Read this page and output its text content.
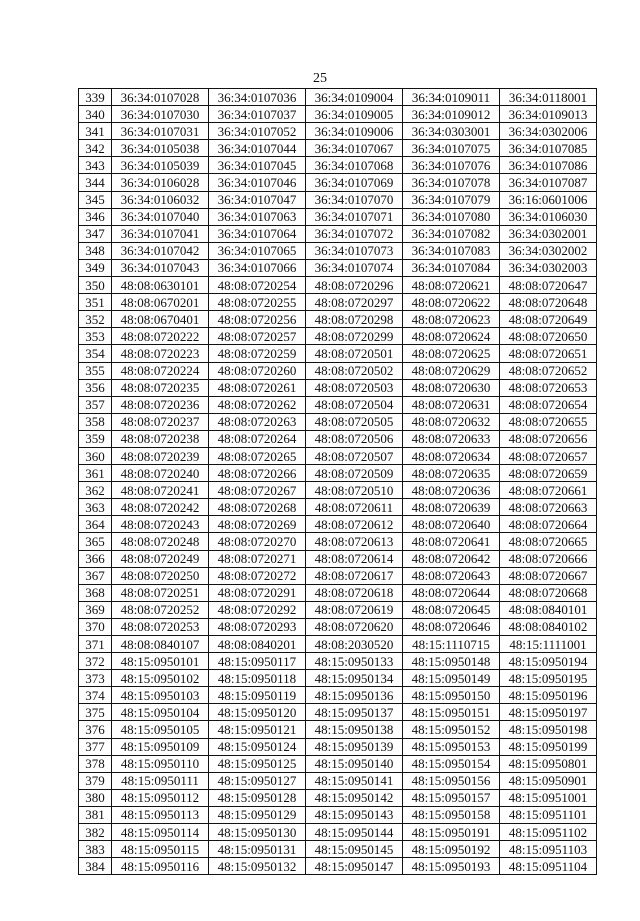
25
339	36:34:0107028	36:34:0107036	36:34:0109004	36:34:0109011	36:34:0118001
340	36:34:0107030	36:34:0107037	36:34:0109005	36:34:0109012	36:34:0109013
341	36:34:0107031	36:34:0107052	36:34:0109006	36:34:0303001	36:34:0302006
342	36:34:0105038	36:34:0107044	36:34:0107067	36:34:0107075	36:34:0107085
343	36:34:0105039	36:34:0107045	36:34:0107068	36:34:0107076	36:34:0107086
344	36:34:0106028	36:34:0107046	36:34:0107069	36:34:0107078	36:34:0107087
345	36:34:0106032	36:34:0107047	36:34:0107070	36:34:0107079	36:16:0601006
346	36:34:0107040	36:34:0107063	36:34:0107071	36:34:0107080	36:34:0106030
347	36:34:0107041	36:34:0107064	36:34:0107072	36:34:0107082	36:34:0302001
348	36:34:0107042	36:34:0107065	36:34:0107073	36:34:0107083	36:34:0302002
349	36:34:0107043	36:34:0107066	36:34:0107074	36:34:0107084	36:34:0302003
350	48:08:0630101	48:08:0720254	48:08:0720296	48:08:0720621	48:08:0720647
351	48:08:0670201	48:08:0720255	48:08:0720297	48:08:0720622	48:08:0720648
352	48:08:0670401	48:08:0720256	48:08:0720298	48:08:0720623	48:08:0720649
353	48:08:0720222	48:08:0720257	48:08:0720299	48:08:0720624	48:08:0720650
354	48:08:0720223	48:08:0720259	48:08:0720501	48:08:0720625	48:08:0720651
355	48:08:0720224	48:08:0720260	48:08:0720502	48:08:0720629	48:08:0720652
356	48:08:0720235	48:08:0720261	48:08:0720503	48:08:0720630	48:08:0720653
357	48:08:0720236	48:08:0720262	48:08:0720504	48:08:0720631	48:08:0720654
358	48:08:0720237	48:08:0720263	48:08:0720505	48:08:0720632	48:08:0720655
359	48:08:0720238	48:08:0720264	48:08:0720506	48:08:0720633	48:08:0720656
360	48:08:0720239	48:08:0720265	48:08:0720507	48:08:0720634	48:08:0720657
361	48:08:0720240	48:08:0720266	48:08:0720509	48:08:0720635	48:08:0720659
362	48:08:0720241	48:08:0720267	48:08:0720510	48:08:0720636	48:08:0720661
363	48:08:0720242	48:08:0720268	48:08:0720611	48:08:0720639	48:08:0720663
364	48:08:0720243	48:08:0720269	48:08:0720612	48:08:0720640	48:08:0720664
365	48:08:0720248	48:08:0720270	48:08:0720613	48:08:0720641	48:08:0720665
366	48:08:0720249	48:08:0720271	48:08:0720614	48:08:0720642	48:08:0720666
367	48:08:0720250	48:08:0720272	48:08:0720617	48:08:0720643	48:08:0720667
368	48:08:0720251	48:08:0720291	48:08:0720618	48:08:0720644	48:08:0720668
369	48:08:0720252	48:08:0720292	48:08:0720619	48:08:0720645	48:08:0840101
370	48:08:0720253	48:08:0720293	48:08:0720620	48:08:0720646	48:08:0840102
371	48:08:0840107	48:08:0840201	48:08:2030520	48:15:1110715	48:15:1111001
372	48:15:0950101	48:15:0950117	48:15:0950133	48:15:0950148	48:15:0950194
373	48:15:0950102	48:15:0950118	48:15:0950134	48:15:0950149	48:15:0950195
374	48:15:0950103	48:15:0950119	48:15:0950136	48:15:0950150	48:15:0950196
375	48:15:0950104	48:15:0950120	48:15:0950137	48:15:0950151	48:15:0950197
376	48:15:0950105	48:15:0950121	48:15:0950138	48:15:0950152	48:15:0950198
377	48:15:0950109	48:15:0950124	48:15:0950139	48:15:0950153	48:15:0950199
378	48:15:0950110	48:15:0950125	48:15:0950140	48:15:0950154	48:15:0950801
379	48:15:0950111	48:15:0950127	48:15:0950141	48:15:0950156	48:15:0950901
380	48:15:0950112	48:15:0950128	48:15:0950142	48:15:0950157	48:15:0951001
381	48:15:0950113	48:15:0950129	48:15:0950143	48:15:0950158	48:15:0951101
382	48:15:0950114	48:15:0950130	48:15:0950144	48:15:0950191	48:15:0951102
383	48:15:0950115	48:15:0950131	48:15:0950145	48:15:0950192	48:15:0951103
384	48:15:0950116	48:15:0950132	48:15:0950147	48:15:0950193	48:15:0951104
